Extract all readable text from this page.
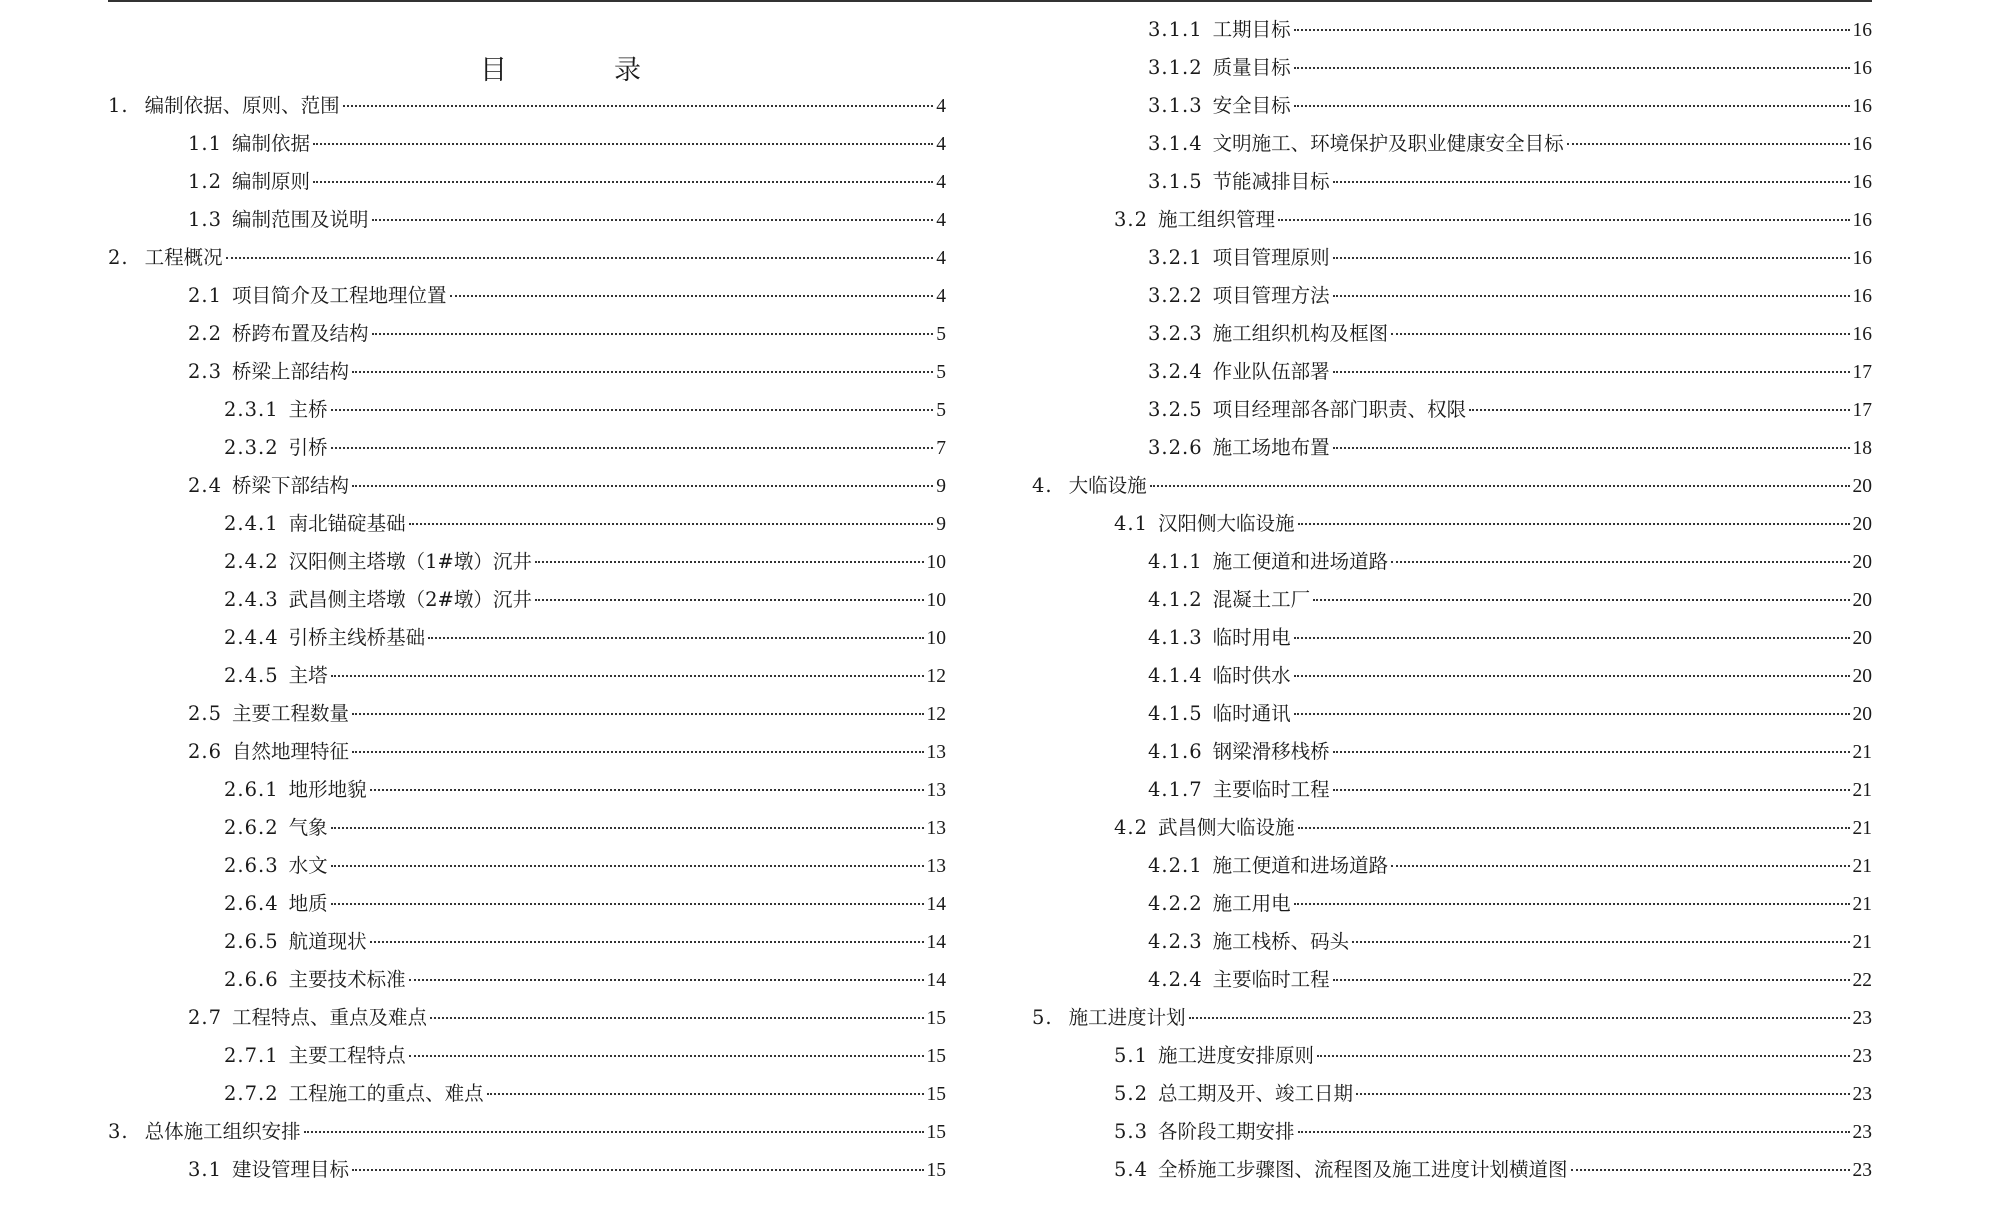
目　录
1. 编制依据、原则、范围	4
1.1 编制依据	4
1.2 编制原则	4
1.3 编制范围及说明	4
2. 工程概况	4
2.1 项目简介及工程地理位置	4
2.2 桥跨布置及结构	5
2.3 桥梁上部结构	5
2.3.1 主桥	5
2.3.2 引桥	7
2.4 桥梁下部结构	9
2.4.1 南北锚碇基础	9
2.4.2 汉阳侧主塔墩（1#墩）沉井	10
2.4.3 武昌侧主塔墩（2#墩）沉井	10
2.4.4 引桥主线桥基础	10
2.4.5 主塔	12
2.5 主要工程数量	12
2.6 自然地理特征	13
2.6.1 地形地貌	13
2.6.2 气象	13
2.6.3 水文	13
2.6.4 地质	14
2.6.5 航道现状	14
2.6.6 主要技术标准	14
2.7 工程特点、重点及难点	15
2.7.1 主要工程特点	15
2.7.2 工程施工的重点、难点	15
3. 总体施工组织安排	15
3.1 建设管理目标	15
3.1.1 工期目标	16
3.1.2 质量目标	16
3.1.3 安全目标	16
3.1.4 文明施工、环境保护及职业健康安全目标	16
3.1.5 节能减排目标	16
3.2 施工组织管理	16
3.2.1 项目管理原则	16
3.2.2 项目管理方法	16
3.2.3 施工组织机构及框图	16
3.2.4 作业队伍部署	17
3.2.5 项目经理部各部门职责、权限	17
3.2.6 施工场地布置	18
4. 大临设施	20
4.1 汉阳侧大临设施	20
4.1.1 施工便道和进场道路	20
4.1.2 混凝土工厂	20
4.1.3 临时用电	20
4.1.4 临时供水	20
4.1.5 临时通讯	20
4.1.6 钢梁滑移栈桥	21
4.1.7 主要临时工程	21
4.2 武昌侧大临设施	21
4.2.1 施工便道和进场道路	21
4.2.2 施工用电	21
4.2.3 施工栈桥、码头	21
4.2.4 主要临时工程	22
5. 施工进度计划	23
5.1 施工进度安排原则	23
5.2 总工期及开、竣工日期	23
5.3 各阶段工期安排	23
5.4 全桥施工步骤图、流程图及施工进度计划横道图	23
